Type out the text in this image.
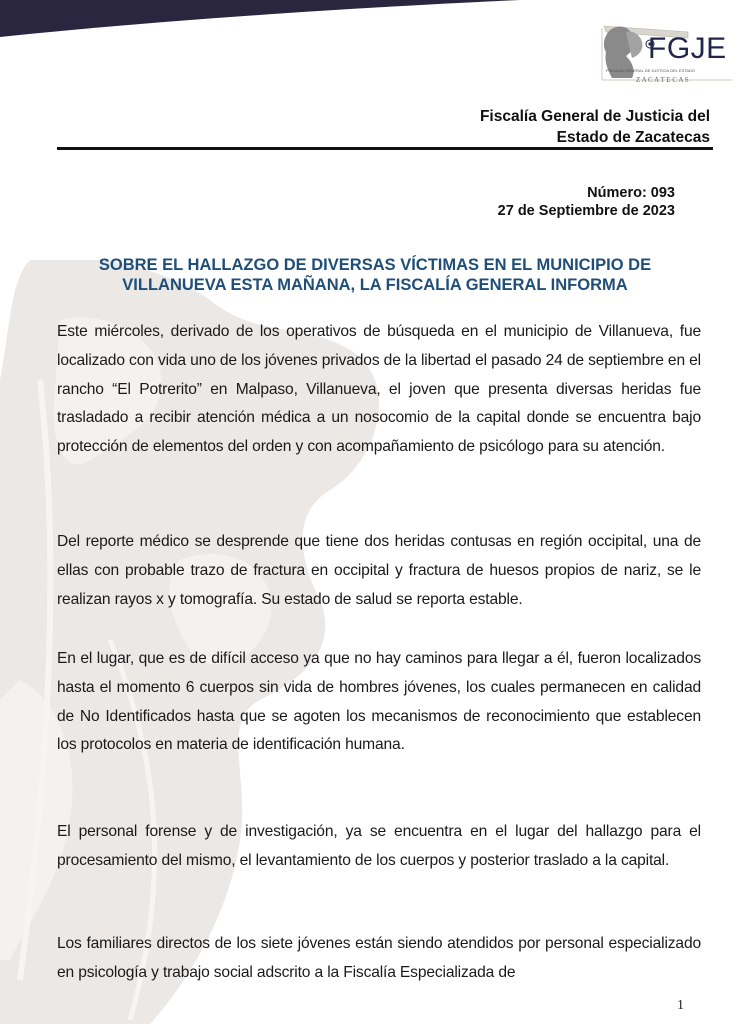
FGJE
FISCALÍA GENERAL DE JUSTICIA DEL ESTADO
Z A C A T E C A S
Fiscalía General de Justicia del
Estado de Zacatecas
Número: 093
27 de Septiembre de 2023
SOBRE EL HALLAZGO DE DIVERSAS VÍCTIMAS EN EL MUNICIPIO DE
VILLANUEVA ESTA MAÑANA, LA FISCALÍA GENERAL INFORMA

Este miércoles, derivado de los operativos de búsqueda en el municipio de Villanueva, fue localizado con vida uno de los jóvenes privados de la libertad el pasado 24 de septiembre en el rancho “El Potrerito” en Malpaso, Villanueva, el joven que presenta diversas heridas fue trasladado a recibir atención médica a un nosocomio de la capital donde se encuentra bajo protección de elementos del orden y con acompañamiento de psicólogo para su atención.

Del reporte médico se desprende que tiene dos heridas contusas en región occipital, una de ellas con probable trazo de fractura en occipital y fractura de huesos propios de nariz, se le realizan rayos x y tomografía. Su estado de salud se reporta estable.

En el lugar, que es de difícil acceso ya que no hay caminos para llegar a él, fueron localizados hasta el momento 6 cuerpos sin vida de hombres jóvenes, los cuales permanecen en calidad de No Identificados hasta que se agoten los mecanismos de reconocimiento que establecen los protocolos en materia de identificación humana.

El personal forense y de investigación, ya se encuentra en el lugar del hallazgo para el procesamiento del mismo, el levantamiento de los cuerpos y posterior traslado a la capital.

Los familiares directos de los siete jóvenes están siendo atendidos por personal especializado en psicología y trabajo social adscrito a la Fiscalía Especializada de

1
